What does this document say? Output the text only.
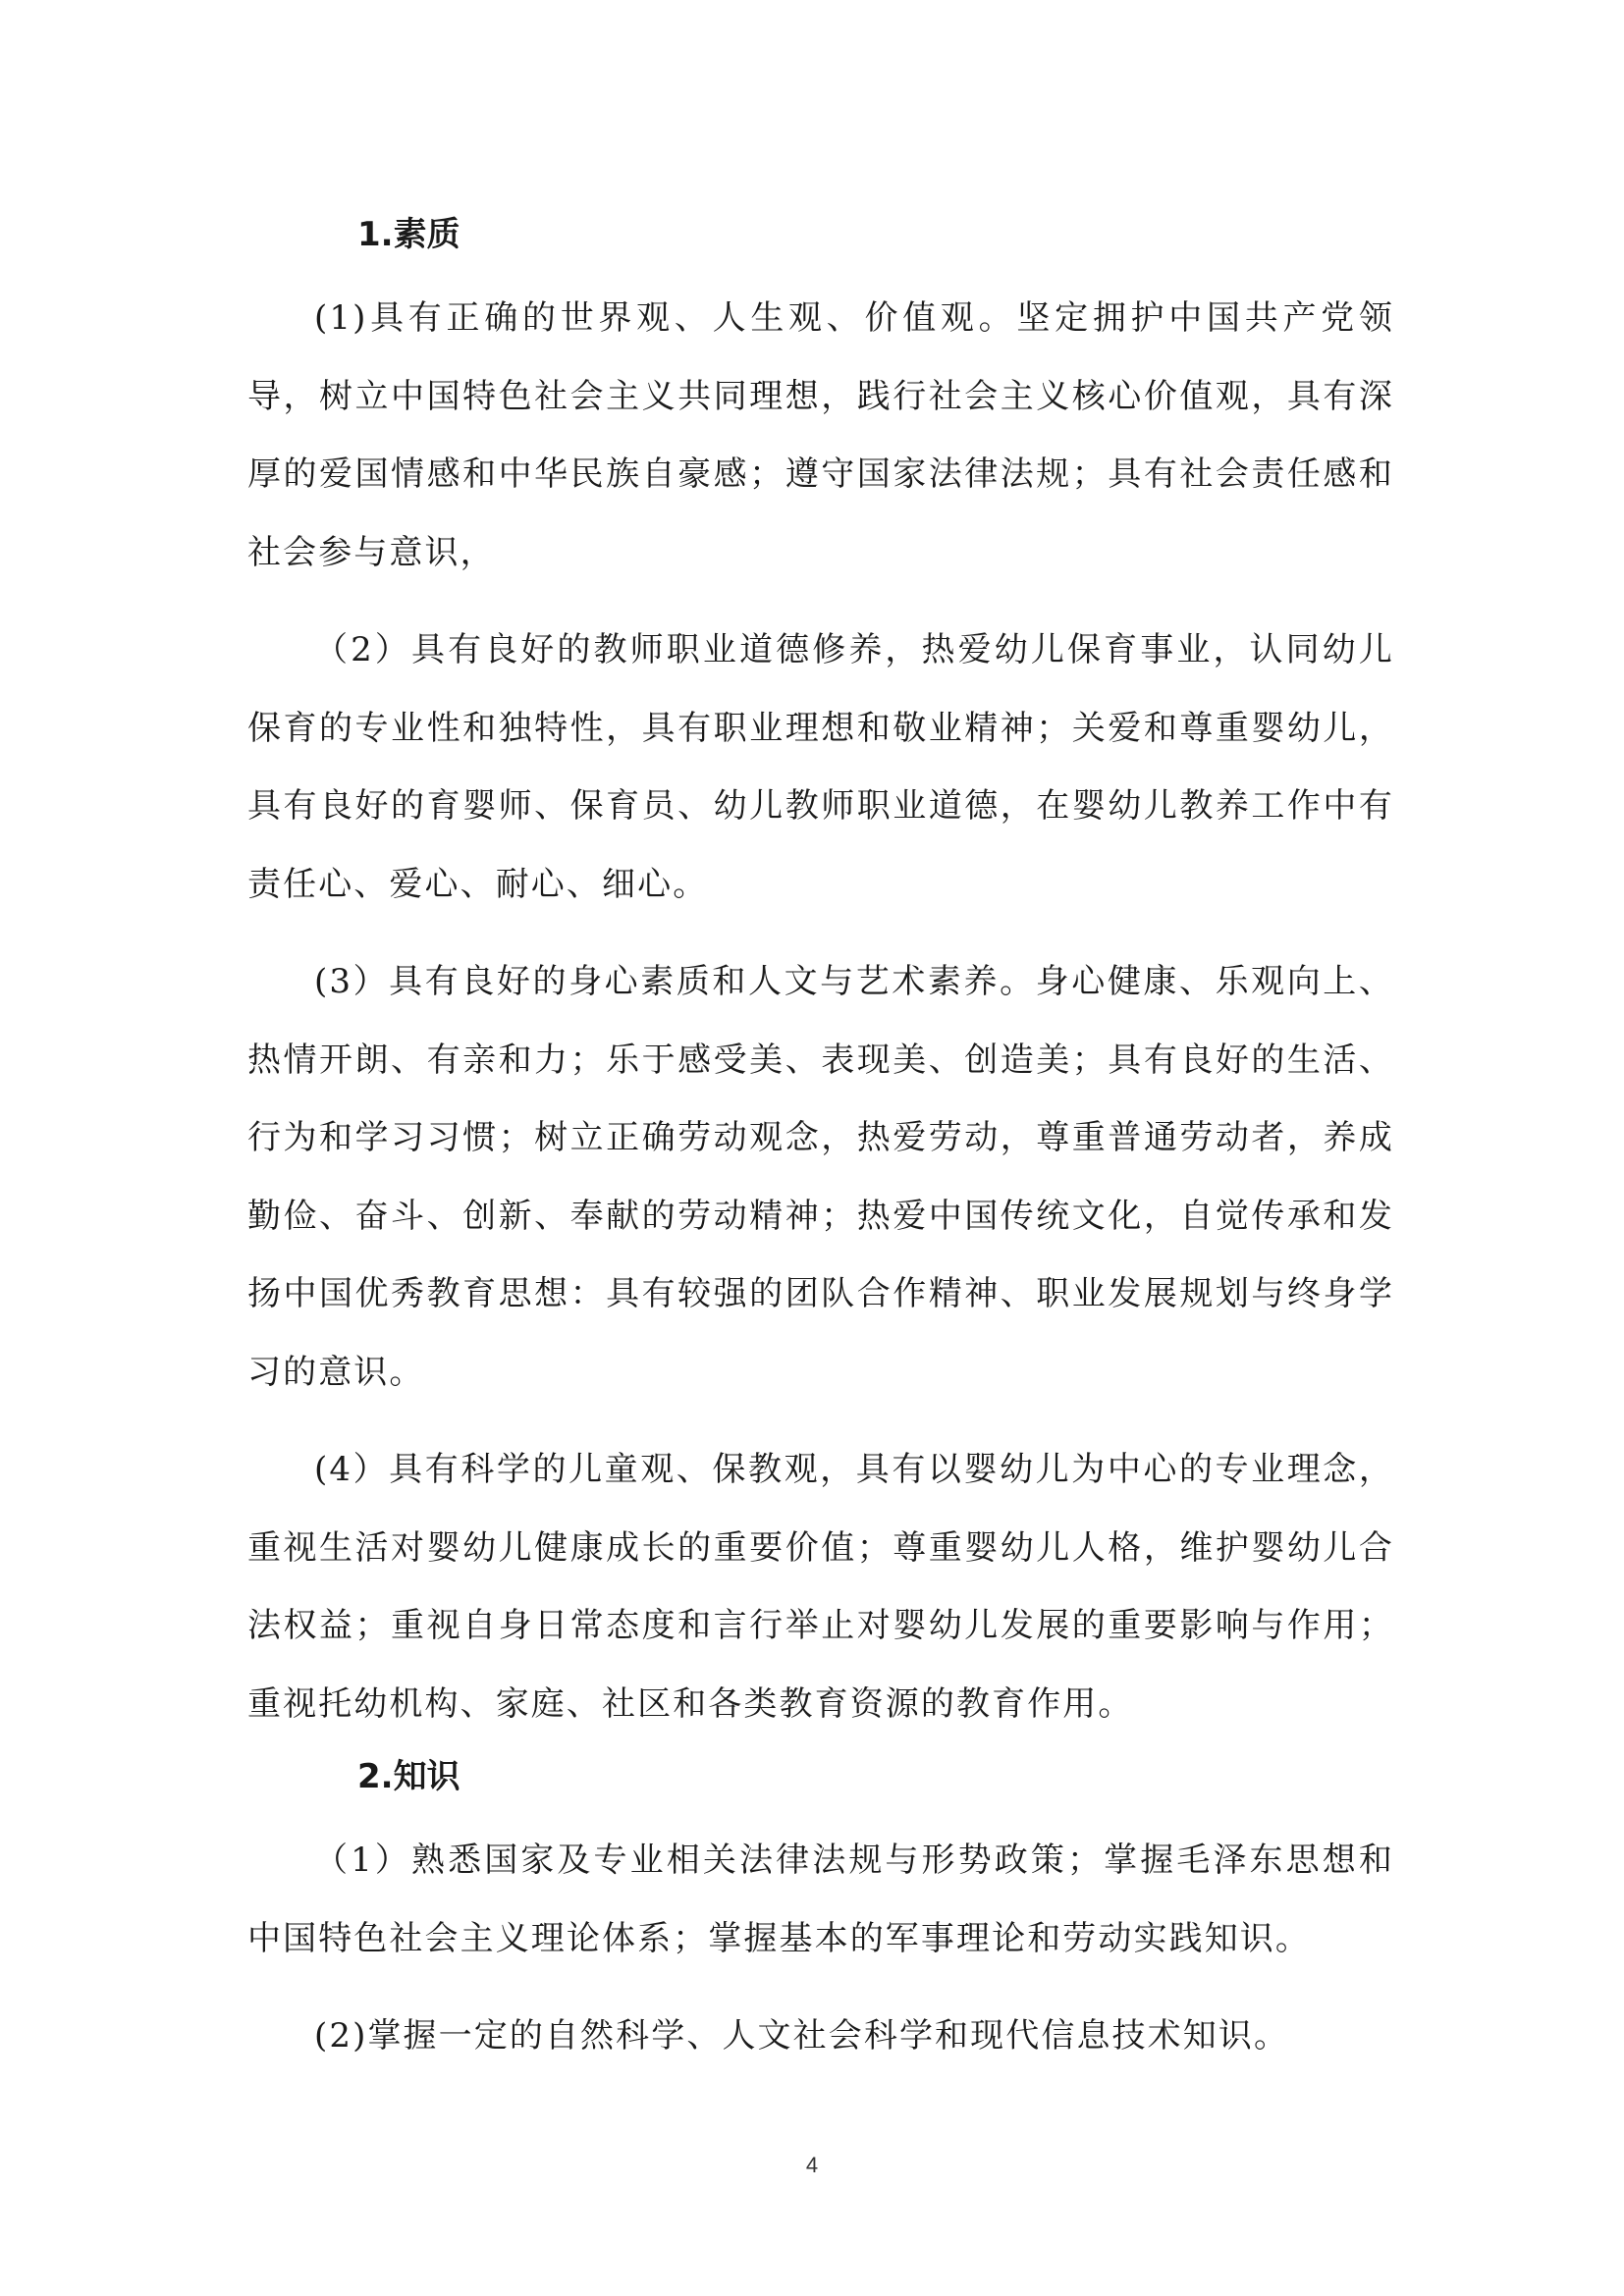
1.素质

(1)具有正确的世界观、人生观、价值观。坚定拥护中国共产党领导，树立中国特色社会主义共同理想，践行社会主义核心价值观，具有深厚的爱国情感和中华民族自豪感；遵守国家法律法规；具有社会责任感和社会参与意识，

（2）具有良好的教师职业道德修养，热爱幼儿保育事业，认同幼儿保育的专业性和独特性，具有职业理想和敬业精神；关爱和尊重婴幼儿，具有良好的育婴师、保育员、幼儿教师职业道德，在婴幼儿教养工作中有责任心、爱心、耐心、细心。

(3）具有良好的身心素质和人文与艺术素养。身心健康、乐观向上、热情开朗、有亲和力；乐于感受美、表现美、创造美；具有良好的生活、行为和学习习惯；树立正确劳动观念，热爱劳动，尊重普通劳动者，养成勤俭、奋斗、创新、奉献的劳动精神；热爱中国传统文化，自觉传承和发扬中国优秀教育思想：具有较强的团队合作精神、职业发展规划与终身学习的意识。

(4）具有科学的儿童观、保教观，具有以婴幼儿为中心的专业理念，重视生活对婴幼儿健康成长的重要价值；尊重婴幼儿人格，维护婴幼儿合法权益；重视自身日常态度和言行举止对婴幼儿发展的重要影响与作用；重视托幼机构、家庭、社区和各类教育资源的教育作用。

2.知识

（1）熟悉国家及专业相关法律法规与形势政策；掌握毛泽东思想和中国特色社会主义理论体系；掌握基本的军事理论和劳动实践知识。

(2)掌握一定的自然科学、人文社会科学和现代信息技术知识。

4
